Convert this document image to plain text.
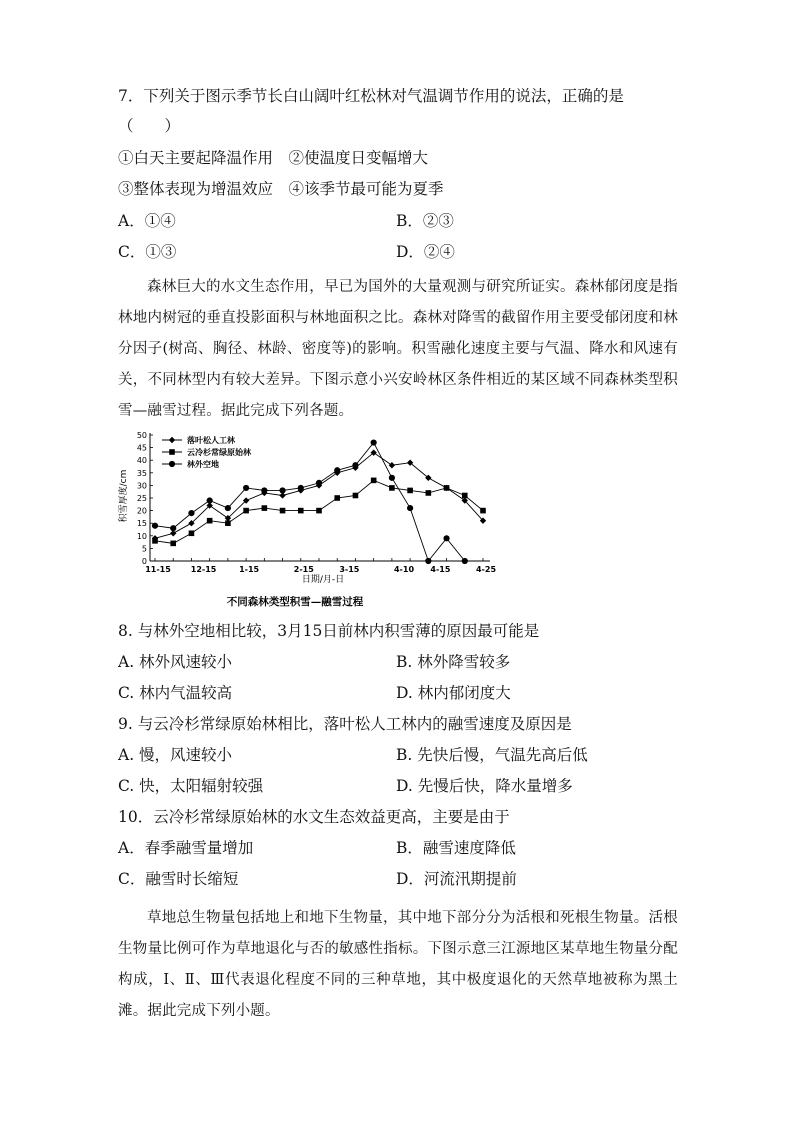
7．下列关于图示季节长白山阔叶红松林对气温调节作用的说法，正确的是
（　　）
①白天主要起降温作用　②使温度日变幅增大
③整体表现为增温效应　④该季节最可能为夏季
A．①④	B．②③
C．①③	D．②④
森林巨大的水文生态作用，早已为国外的大量观测与研究所证实。森林郁闭度是指林地内树冠的垂直投影面积与林地面积之比。森林对降雪的截留作用主要受郁闭度和林分因子(树高、胸径、林龄、密度等)的影响。积雪融化速度主要与气温、降水和风速有关，不同林型内有较大差异。下图示意小兴安岭林区条件相近的某区域不同森林类型积雪—融雪过程。据此完成下列各题。
50
45
40
35
30
25
20
15
10
5
0
11-15 12-15	1-15	2-15	3-15	4-10 4-15	4-25
落叶松人工林
云冷杉常绿原始林
林外空地
积雪厚度/cm
日期/月-日
不同森林类型积雪—融雪过程
8. 与林外空地相比较，3月15日前林内积雪薄的原因最可能是
A. 林外风速较小	B. 林外降雪较多
C. 林内气温较高	D. 林内郁闭度大
9. 与云冷杉常绿原始林相比，落叶松人工林内的融雪速度及原因是
A. 慢，风速较小	B. 先快后慢，气温先高后低
C. 快，太阳辐射较强	D. 先慢后快，降水量增多
10．云冷杉常绿原始林的水文生态效益更高，主要是由于
A．春季融雪量增加	B．融雪速度降低
C．融雪时长缩短	D．河流汛期提前
草地总生物量包括地上和地下生物量，其中地下部分分为活根和死根生物量。活根生物量比例可作为草地退化与否的敏感性指标。下图示意三江源地区某草地生物量分配构成，Ⅰ、Ⅱ、Ⅲ代表退化程度不同的三种草地，其中极度退化的天然草地被称为黑土滩。据此完成下列小题。
